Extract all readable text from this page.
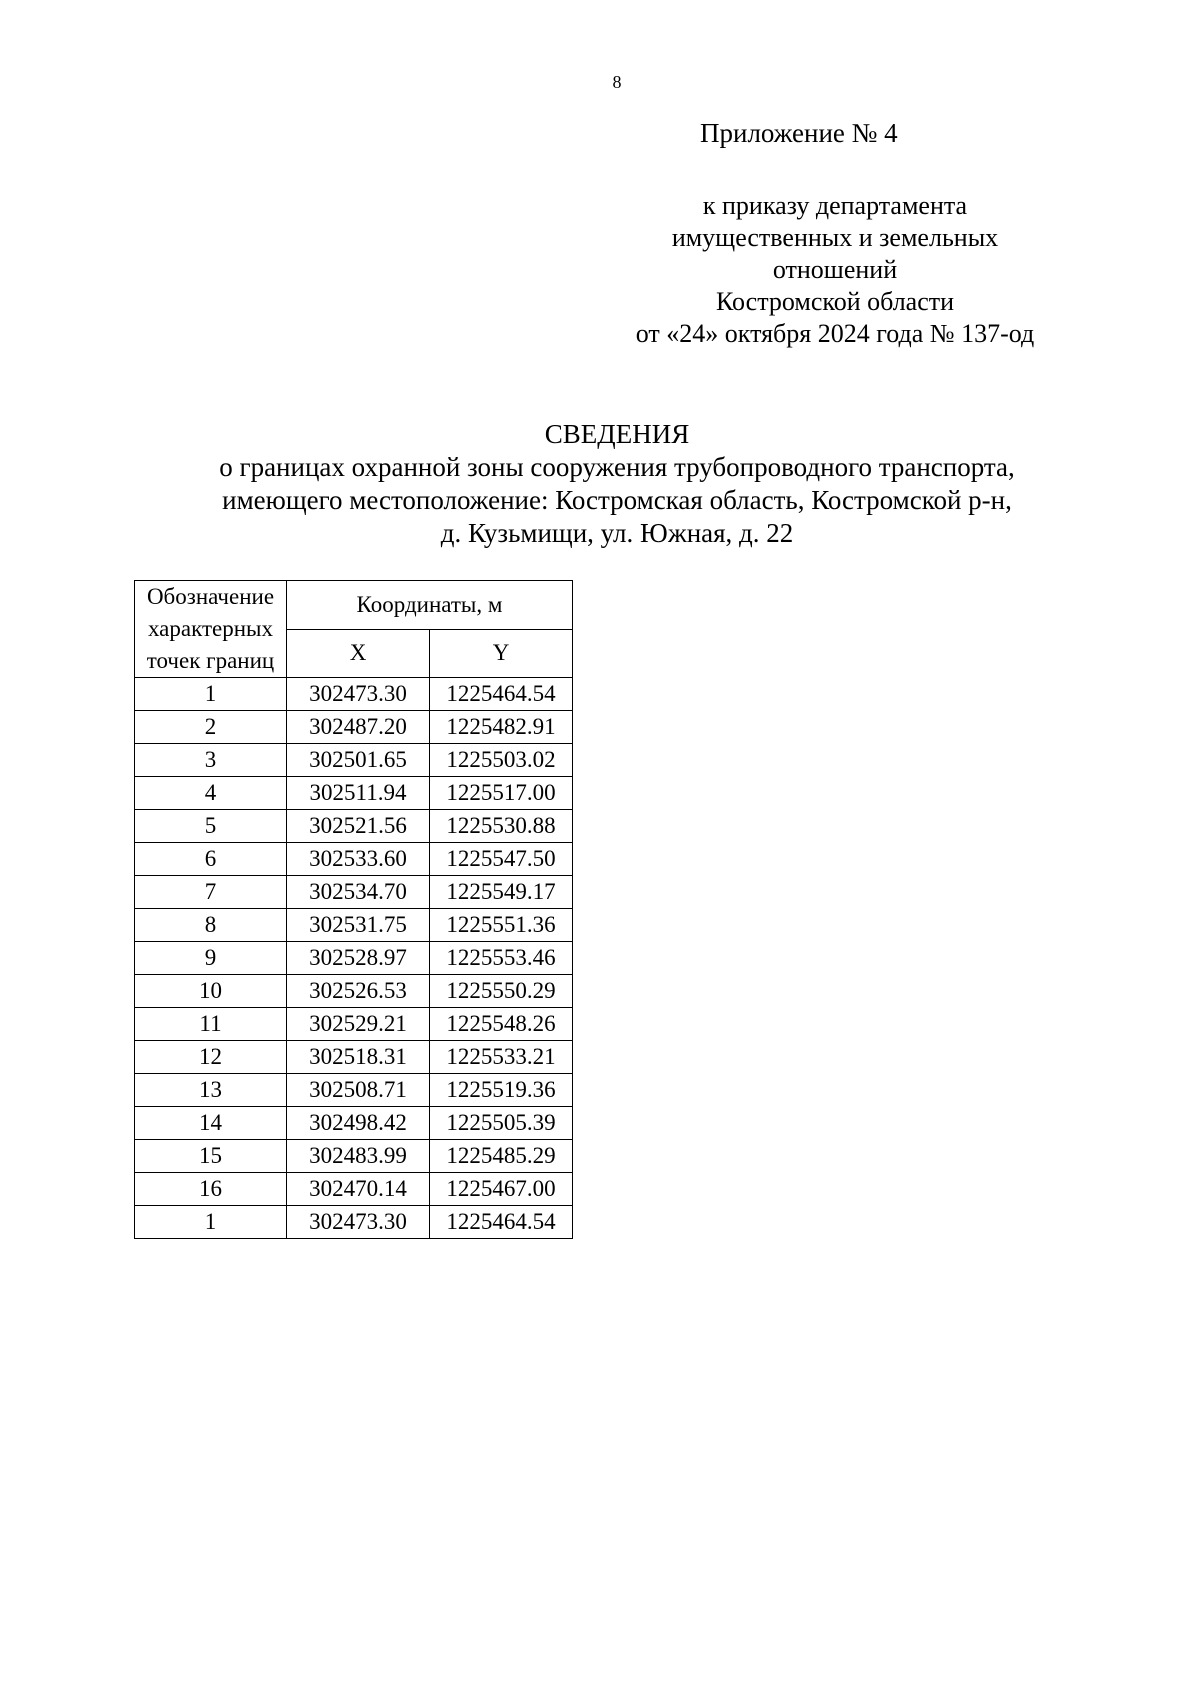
8
Приложение № 4
к приказу департамента
имущественных и земельных
отношений
Костромской области
от «24» октября 2024 года № 137-од
СВЕДЕНИЯ
о границах охранной зоны сооружения трубопроводного транспорта,
имеющего местоположение: Костромская область, Костромской р-н,
д. Кузьмищи, ул. Южная, д. 22
Обозначение
характерных
точек границ	Координаты, м	
	X	Y
1	302473.30	1225464.54
2	302487.20	1225482.91
3	302501.65	1225503.02
4	302511.94	1225517.00
5	302521.56	1225530.88
6	302533.60	1225547.50
7	302534.70	1225549.17
8	302531.75	1225551.36
9	302528.97	1225553.46
10	302526.53	1225550.29
11	302529.21	1225548.26
12	302518.31	1225533.21
13	302508.71	1225519.36
14	302498.42	1225505.39
15	302483.99	1225485.29
16	302470.14	1225467.00
1	302473.30	1225464.54
